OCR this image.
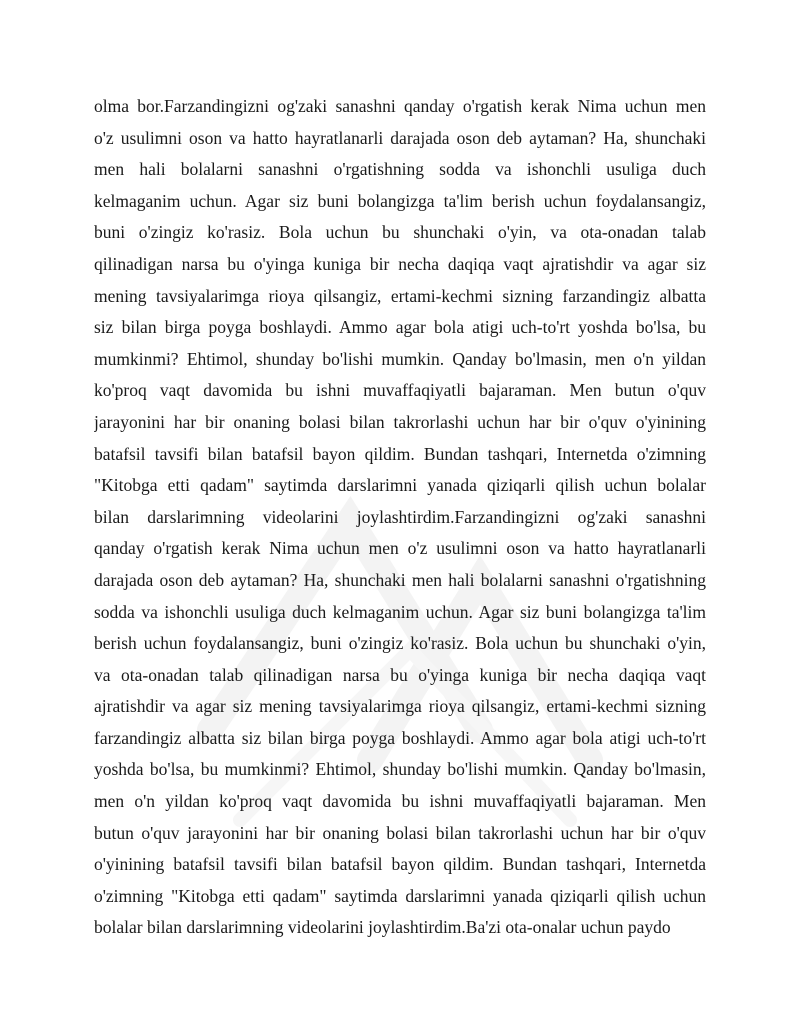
olma bor.Farzandingizni og'zaki sanashni qanday o'rgatish kerak Nima uchun men
o'z usulimni oson va hatto hayratlanarli darajada oson deb aytaman? Ha, shunchaki
men hali bolalarni sanashni o'rgatishning sodda va ishonchli usuliga duch
kelmaganim uchun. Agar siz buni bolangizga ta'lim berish uchun foydalansangiz,
buni o'zingiz ko'rasiz. Bola uchun bu shunchaki o'yin, va ota-onadan talab
qilinadigan narsa bu o'yinga kuniga bir necha daqiqa vaqt ajratishdir va agar siz
mening tavsiyalarimga rioya qilsangiz, ertami-kechmi sizning farzandingiz albatta
siz bilan birga poyga boshlaydi. Ammo agar bola atigi uch-to'rt yoshda bo'lsa, bu
mumkinmi? Ehtimol, shunday bo'lishi mumkin. Qanday bo'lmasin, men o'n yildan
ko'proq vaqt davomida bu ishni muvaffaqiyatli bajaraman. Men butun o'quv
jarayonini har bir onaning bolasi bilan takrorlashi uchun har bir o'quv o'yinining
batafsil tavsifi bilan batafsil bayon qildim. Bundan tashqari, Internetda o'zimning
"Kitobga etti qadam" saytimda darslarimni yanada qiziqarli qilish uchun bolalar
bilan darslarimning videolarini joylashtirdim.Farzandingizni og'zaki sanashni
qanday o'rgatish kerak Nima uchun men o'z usulimni oson va hatto hayratlanarli
darajada oson deb aytaman? Ha, shunchaki men hali bolalarni sanashni o'rgatishning
sodda va ishonchli usuliga duch kelmaganim uchun. Agar siz buni bolangizga ta'lim
berish uchun foydalansangiz, buni o'zingiz ko'rasiz. Bola uchun bu shunchaki o'yin,
va ota-onadan talab qilinadigan narsa bu o'yinga kuniga bir necha daqiqa vaqt
ajratishdir va agar siz mening tavsiyalarimga rioya qilsangiz, ertami-kechmi sizning
farzandingiz albatta siz bilan birga poyga boshlaydi. Ammo agar bola atigi uch-to'rt
yoshda bo'lsa, bu mumkinmi? Ehtimol, shunday bo'lishi mumkin. Qanday bo'lmasin,
men o'n yildan ko'proq vaqt davomida bu ishni muvaffaqiyatli bajaraman. Men
butun o'quv jarayonini har bir onaning bolasi bilan takrorlashi uchun har bir o'quv
o'yinining batafsil tavsifi bilan batafsil bayon qildim. Bundan tashqari, Internetda
o'zimning "Kitobga etti qadam" saytimda darslarimni yanada qiziqarli qilish uchun
bolalar bilan darslarimning videolarini joylashtirdim.Ba'zi ota-onalar uchun paydo
